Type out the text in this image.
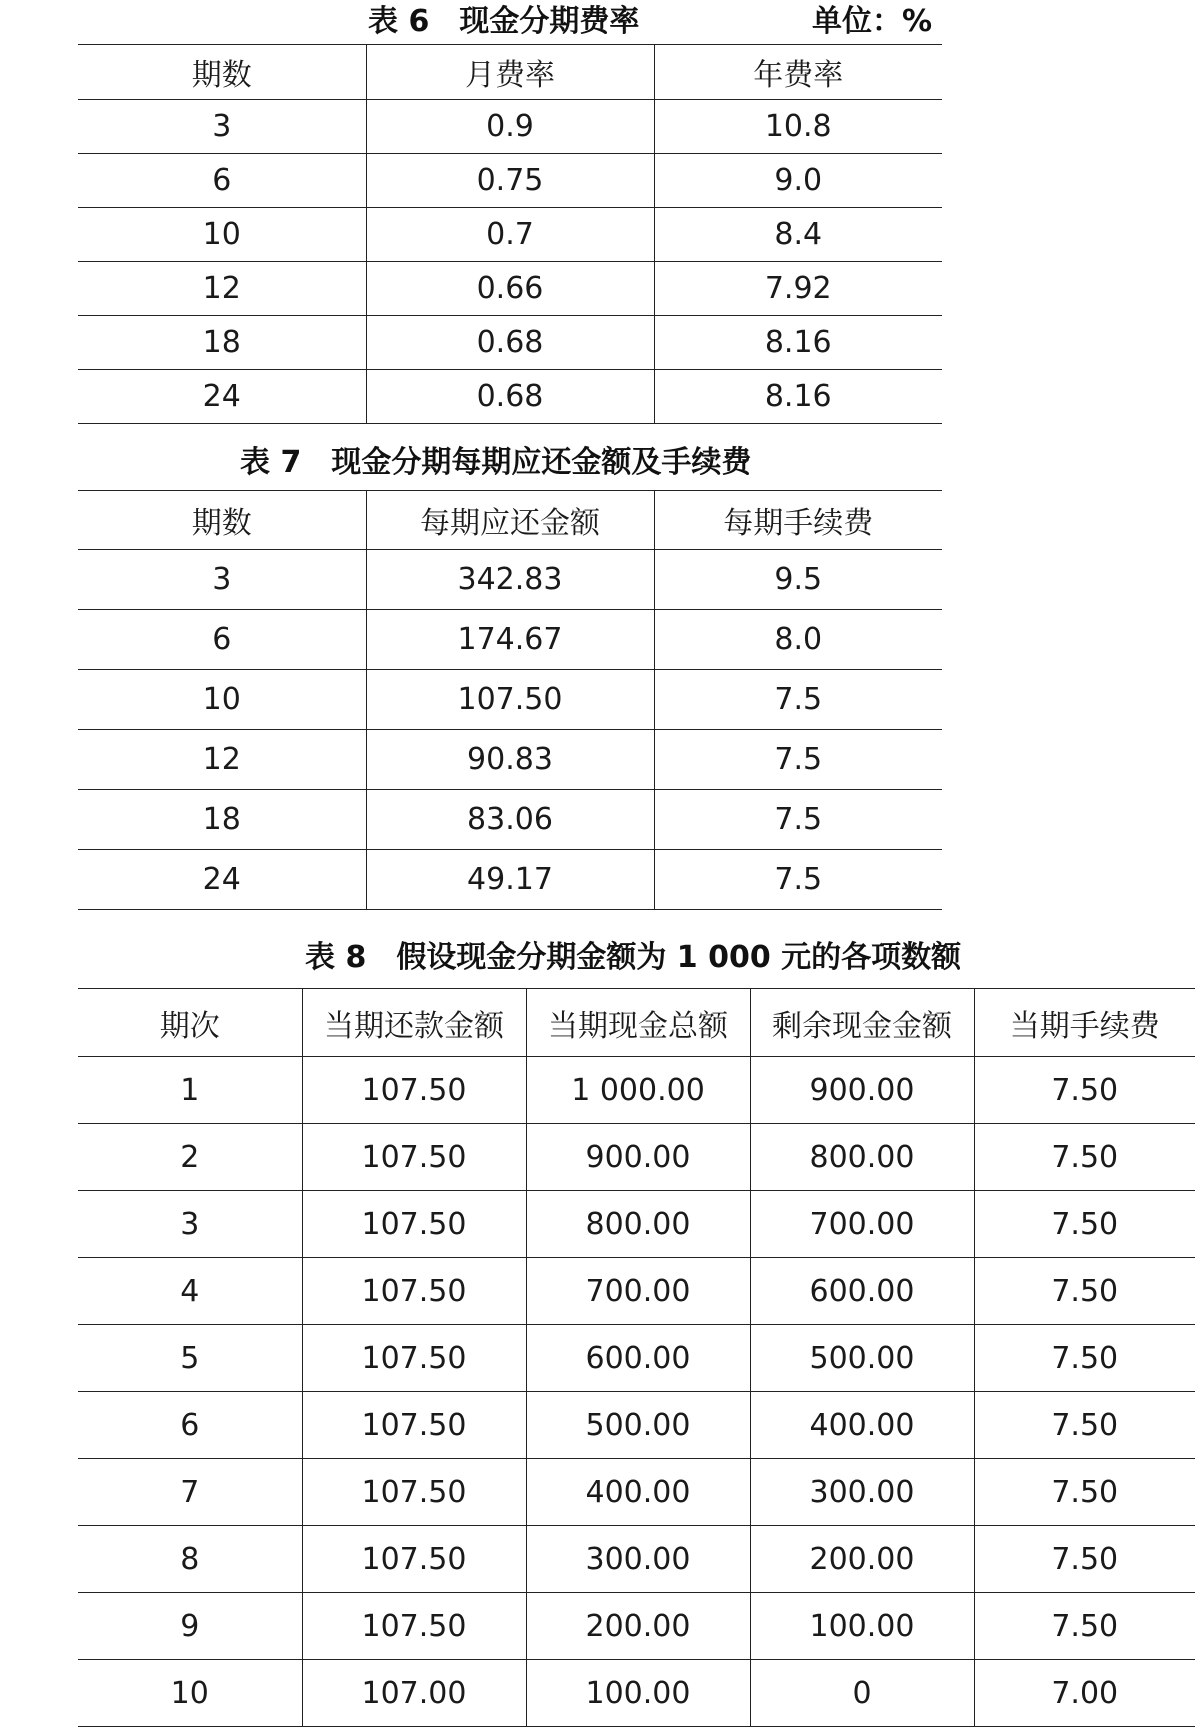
表 6　现金分期费率	单位：%
期数	月费率	年费率
3	0.9	10.8
6	0.75	9.0
10	0.7	8.4
12	0.66	7.92
18	0.68	8.16
24	0.68	8.16
表 7　现金分期每期应还金额及手续费
期数	每期应还金额	每期手续费
3	342.83	9.5
6	174.67	8.0
10	107.50	7.5
12	90.83	7.5
18	83.06	7.5
24	49.17	7.5
表 8　假设现金分期金额为 1 000 元的各项数额
期次	当期还款金额	当期现金总额	剩余现金金额	当期手续费
1	107.50	1 000.00	900.00	7.50
2	107.50	900.00	800.00	7.50
3	107.50	800.00	700.00	7.50
4	107.50	700.00	600.00	7.50
5	107.50	600.00	500.00	7.50
6	107.50	500.00	400.00	7.50
7	107.50	400.00	300.00	7.50
8	107.50	300.00	200.00	7.50
9	107.50	200.00	100.00	7.50
10	107.00	100.00	0	7.00
